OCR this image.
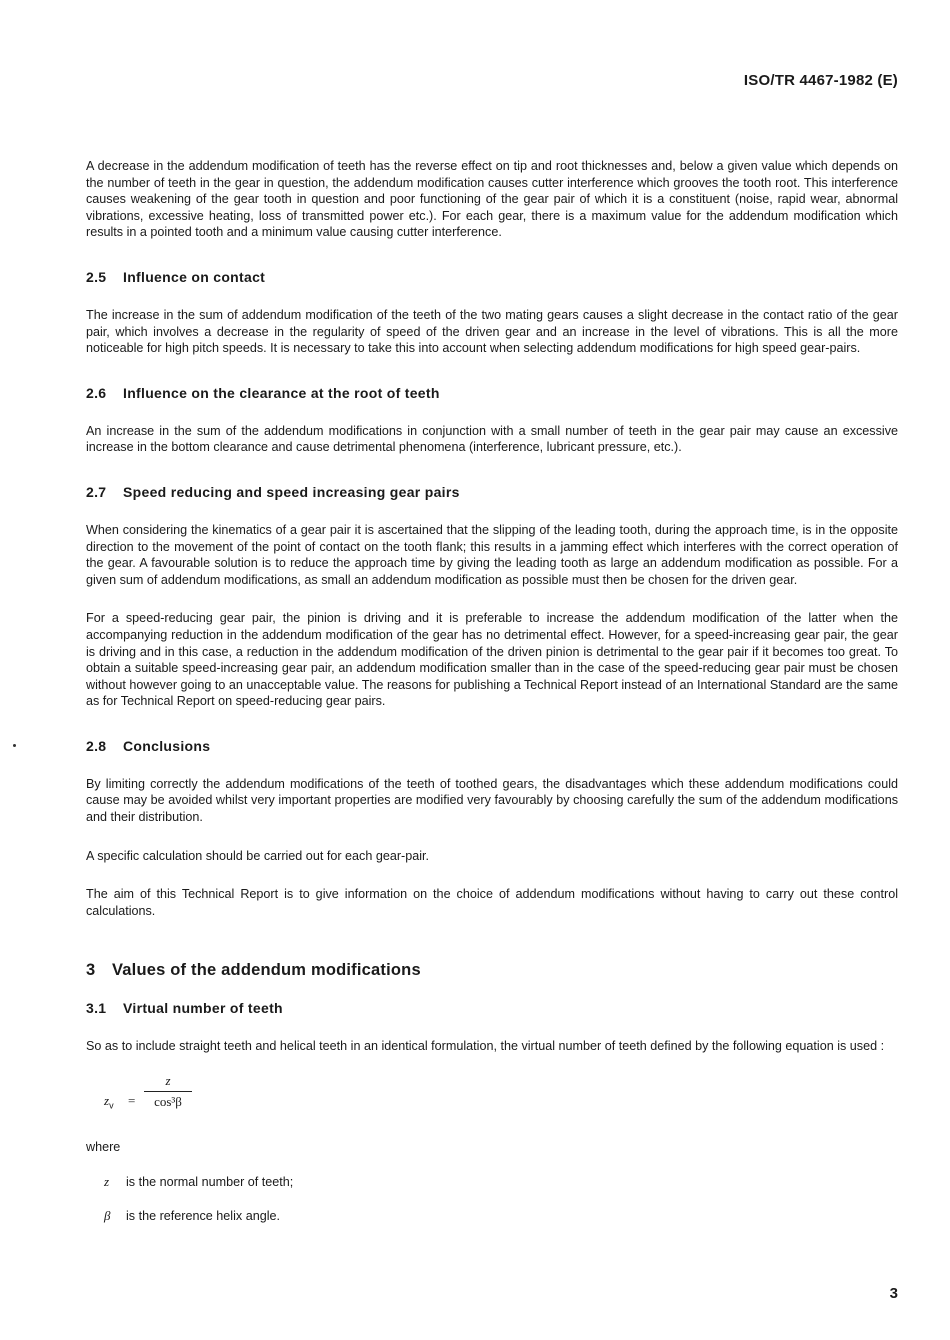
ISO/TR 4467-1982 (E)

A decrease in the addendum modification of teeth has the reverse effect on tip and root thicknesses and, below a given value which depends on the number of teeth in the gear in question, the addendum modification causes cutter interference which grooves the tooth root. This interference causes weakening of the gear tooth in question and poor functioning of the gear pair of which it is a constituent (noise, rapid wear, abnormal vibrations, excessive heating, loss of transmitted power etc.). For each gear, there is a maximum value for the addendum modification which results in a pointed tooth and a minimum value causing cutter interference.

2.5 Influence on contact

The increase in the sum of addendum modification of the teeth of the two mating gears causes a slight decrease in the contact ratio of the gear pair, which involves a decrease in the regularity of speed of the driven gear and an increase in the level of vibrations. This is all the more noticeable for high pitch speeds. It is necessary to take this into account when selecting addendum modifications for high speed gear-pairs.

2.6 Influence on the clearance at the root of teeth

An increase in the sum of the addendum modifications in conjunction with a small number of teeth in the gear pair may cause an excessive increase in the bottom clearance and cause detrimental phenomena (interference, lubricant pressure, etc.).

2.7 Speed reducing and speed increasing gear pairs

When considering the kinematics of a gear pair it is ascertained that the slipping of the leading tooth, during the approach time, is in the opposite direction to the movement of the point of contact on the tooth flank; this results in a jamming effect which interferes with the correct operation of the gear. A favourable solution is to reduce the approach time by giving the leading tooth as large an addendum modification as possible. For a given sum of addendum modifications, as small an addendum modification as possible must then be chosen for the driven gear.

For a speed-reducing gear pair, the pinion is driving and it is preferable to increase the addendum modification of the latter when the accompanying reduction in the addendum modification of the gear has no detrimental effect. However, for a speed-increasing gear pair, the gear is driving and in this case, a reduction in the addendum modification of the driven pinion is detrimental to the gear pair if it becomes too great. To obtain a suitable speed-increasing gear pair, an addendum modification smaller than in the case of the speed-reducing gear pair must be chosen without however going to an unacceptable value. The reasons for publishing a Technical Report instead of an International Standard are the same as for Technical Report on speed-reducing gear pairs.

2.8 Conclusions

By limiting correctly the addendum modifications of the teeth of toothed gears, the disadvantages which these addendum modifications could cause may be avoided whilst very important properties are modified very favourably by choosing carefully the sum of the addendum modifications and their distribution.

A specific calculation should be carried out for each gear-pair.

The aim of this Technical Report is to give information on the choice of addendum modifications without having to carry out these control calculations.

3 Values of the addendum modifications
3.1 Virtual number of teeth

So as to include straight teeth and helical teeth in an identical formulation, the virtual number of teeth defined by the following equation is used :

$z_v$ =
z
cos³β

where

z	is the normal number of teeth;
β	is the reference helix angle.
3
